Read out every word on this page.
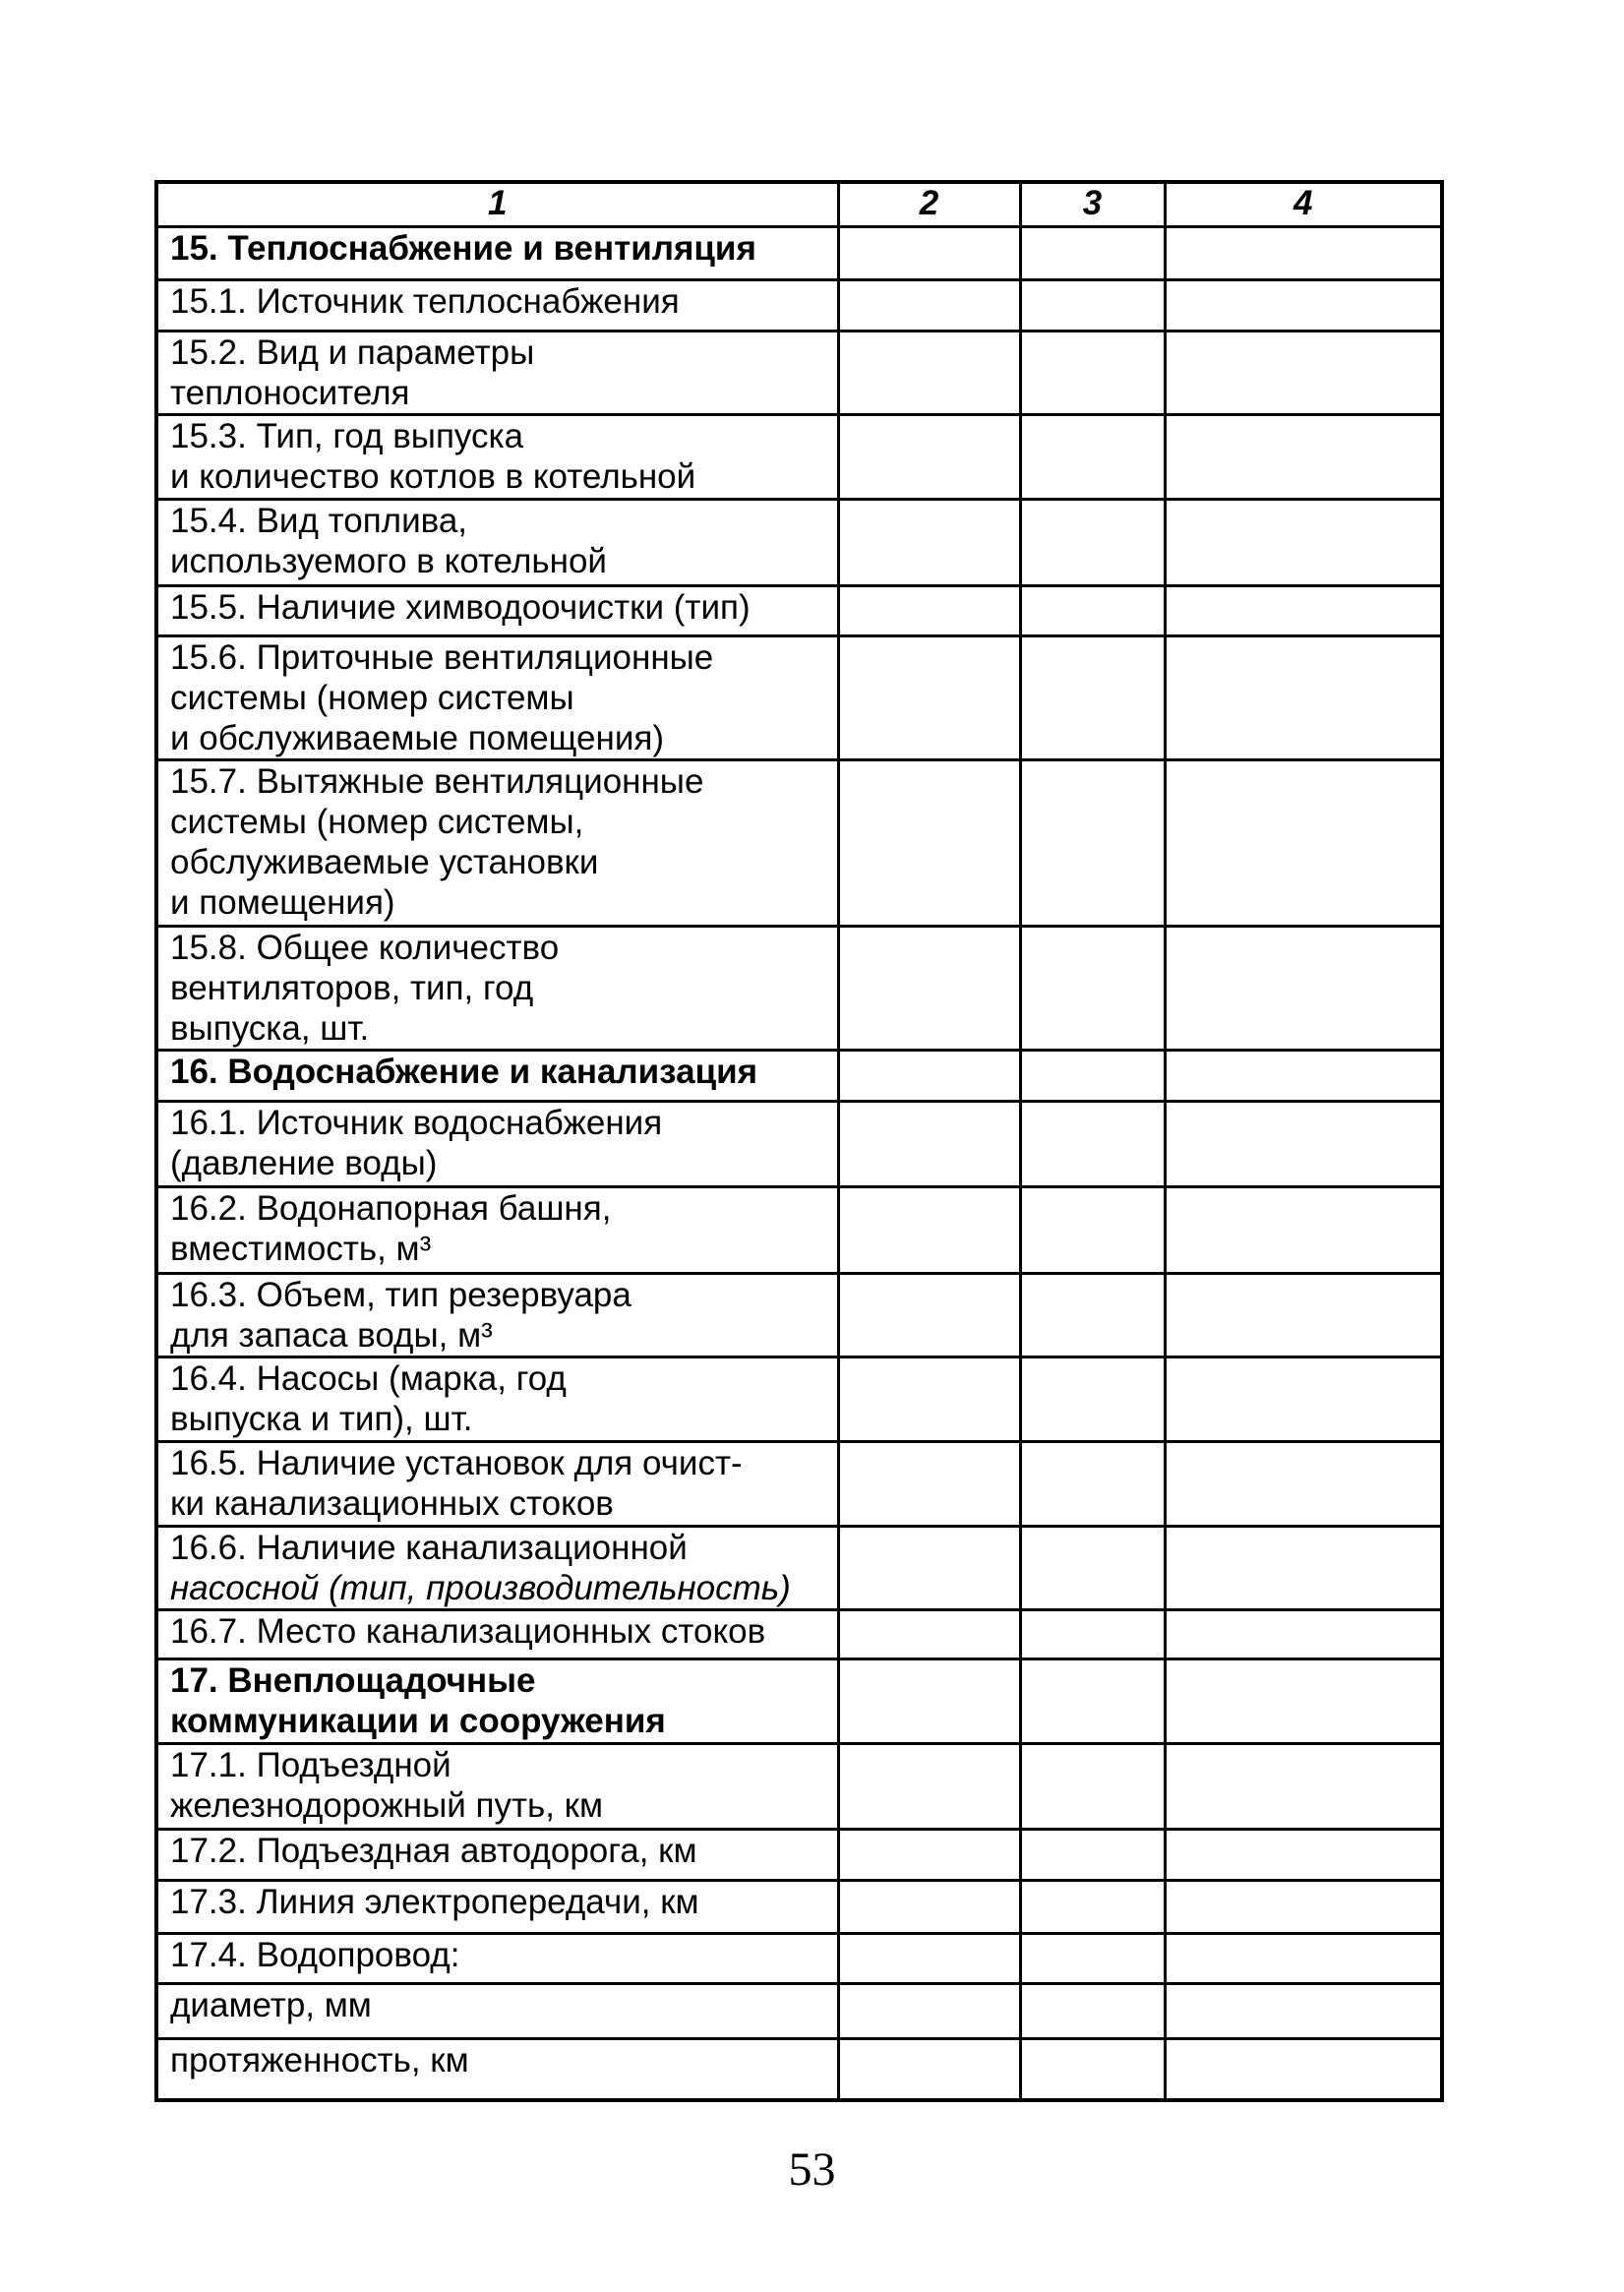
1	2	3	4

15. Теплоснабжение и вентиляция			

15.1. Источник теплоснабжения			

15.2. Вид и параметры
теплоносителя			

15.3. Тип, год выпуска
и количество котлов в котельной			

15.4. Вид топлива,
используемого в котельной			

15.5. Наличие химводоочистки (тип)			

15.6. Приточные вентиляционные
системы (номер системы
и обслуживаемые помещения)			

15.7. Вытяжные вентиляционные
системы (номер системы,
обслуживаемые установки
и помещения)			

15.8. Общее количество
вентиляторов, тип, год
выпуска, шт.			

16. Водоснабжение и канализация			

16.1. Источник водоснабжения
(давление воды)			

16.2. Водонапорная башня,
вместимость, м³			

16.3. Объем, тип резервуара
для запаса воды, м³			

16.4. Насосы (марка, год
выпуска и тип), шт.			

16.5. Наличие установок для очист-
ки канализационных стоков			

16.6. Наличие канализационной
насосной (тип, производительность)			

16.7. Место канализационных стоков			

17. Внеплощадочные
коммуникации и сооружения			

17.1. Подъездной
железнодорожный путь, км			

17.2. Подъездная автодорога, км			

17.3. Линия электропередачи, км			

17.4. Водопровод:			

диаметр, мм			

протяженность, км			

53
